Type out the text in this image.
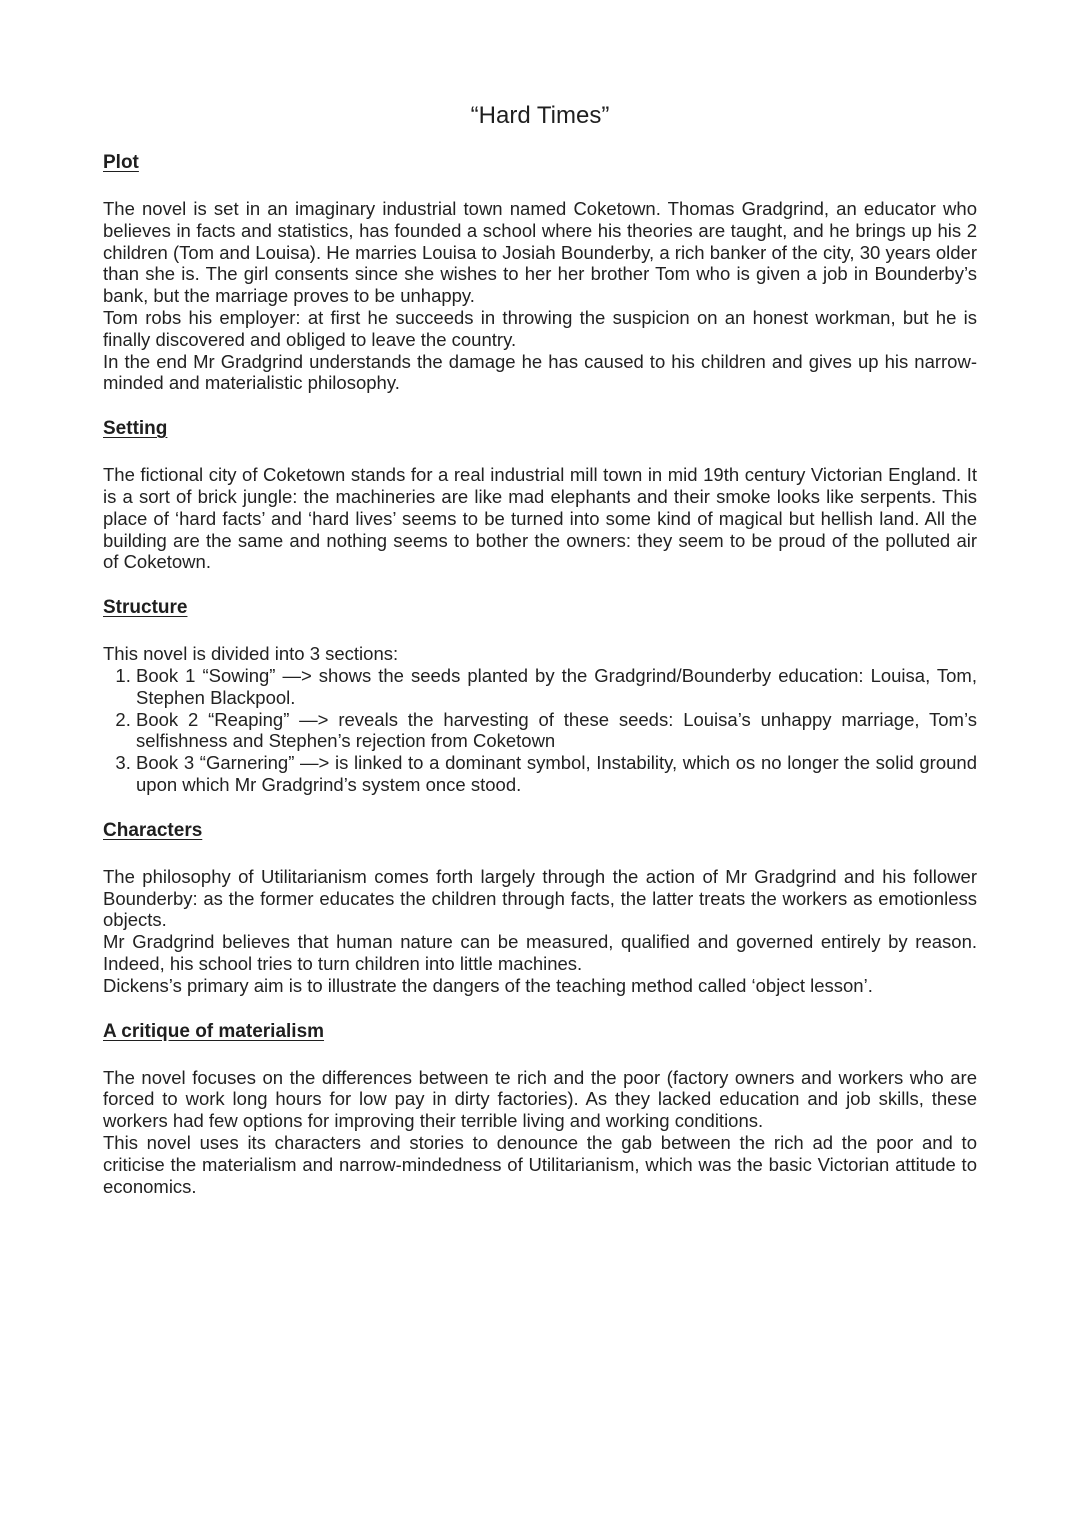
“Hard Times”
Plot

The novel is set in an imaginary industrial town named Coketown. Thomas Gradgrind, an educator who believes in facts and statistics, has founded a school where his theories are taught, and he brings up his 2 children (Tom and Louisa). He marries Louisa to Josiah Bounderby, a rich banker of the city, 30 years older than she is. The girl consents since she wishes to her her brother Tom who is given a job in Bounderby’s bank, but the marriage proves to be unhappy.

Tom robs his employer: at first he succeeds in throwing the suspicion on an honest workman, but he is finally discovered and obliged to leave the country.

In the end Mr Gradgrind understands the damage he has caused to his children and gives up his narrow-minded and materialistic philosophy.

Setting

The fictional city of Coketown stands for a real industrial mill town in mid 19th century Victorian England. It is a sort of brick jungle: the machineries are like mad elephants and their smoke looks like serpents. This place of ‘hard facts’ and ‘hard lives’ seems to be turned into some kind of magical but hellish land. All the building are the same and nothing seems to bother the owners: they seem to be proud of the polluted air of Coketown.

Structure

This novel is divided into 3 sections:

1. Book 1 “Sowing” —> shows the seeds planted by the Gradgrind/Bounderby education: Louisa, Tom, Stephen Blackpool.
2. Book 2 “Reaping” —> reveals the harvesting of these seeds: Louisa’s unhappy marriage, Tom’s selfishness and Stephen’s rejection from Coketown
3. Book 3 “Garnering” —> is linked to a dominant symbol, Instability, which os no longer the solid ground upon which Mr Gradgrind’s system once stood.
Characters

The philosophy of Utilitarianism comes forth largely through the action of Mr Gradgrind and his follower Bounderby: as the former educates the children through facts, the latter treats the workers as emotionless objects.

Mr Gradgrind believes that human nature can be measured, qualified and governed entirely by reason. Indeed, his school tries to turn children into little machines.

Dickens’s primary aim is to illustrate the dangers of the teaching method called ‘object lesson’.

A critique of materialism

The novel focuses on the differences between te rich and the poor (factory owners and workers who are forced to work long hours for low pay in dirty factories). As they lacked education and job skills, these workers had few options for improving their terrible living and working conditions.

This novel uses its characters and stories to denounce the gab between the rich ad the poor and to criticise the materialism and narrow-mindedness of Utilitarianism, which was the basic Victorian attitude to economics.
